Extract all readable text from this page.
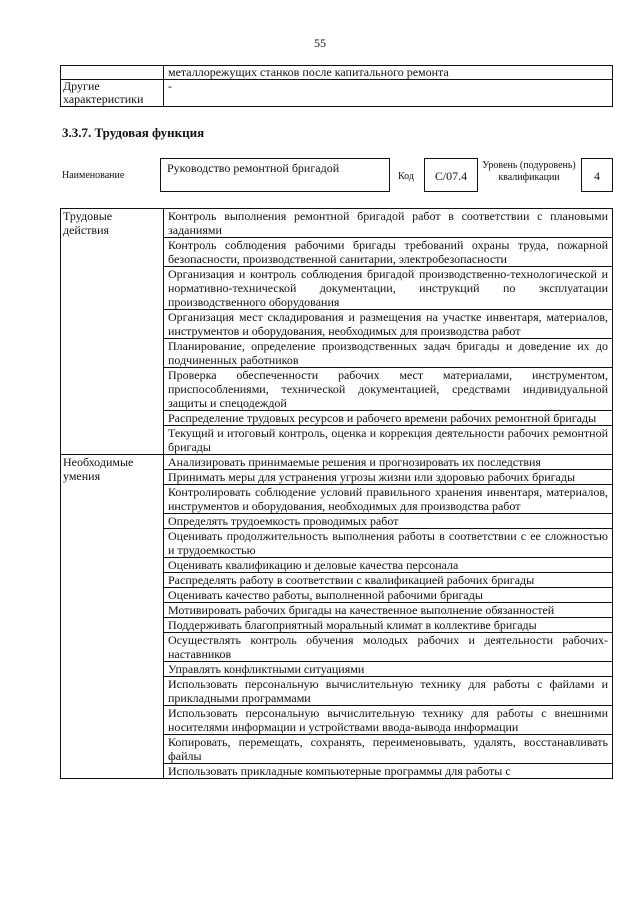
55
	металлорежущих станков после капитального ремонта
Другие характеристики	-
3.3.7. Трудовая функция
Наименование
Руководство ремонтной бригадой
Код	С/07.4
Уровень (подуровень) квалификации	4
Трудовые действия	Контроль выполнения ремонтной бригадой работ в соответствии с плановыми заданиями
	Контроль соблюдения рабочими бригады требований охраны труда, пожарной безопасности, производственной санитарии, электробезопасности
	Организация и контроль соблюдения бригадой производственно-технологической и нормативно-технической документации, инструкций по эксплуатации производственного оборудования
	Организация мест складирования и размещения на участке инвентаря, материалов, инструментов и оборудования, необходимых для производства работ
	Планирование, определение производственных задач бригады и доведение их до подчиненных работников
	Проверка обеспеченности рабочих мест материалами, инструментом, приспособлениями, технической документацией, средствами индивидуальной защиты и спецодеждой
	Распределение трудовых ресурсов и рабочего времени рабочих ремонтной бригады
	Текущий и итоговый контроль, оценка и коррекция деятельности рабочих ремонтной бригады
Необходимые умения	Анализировать принимаемые решения и прогнозировать их последствия
	Принимать меры для устранения угрозы жизни или здоровью рабочих бригады
	Контролировать соблюдение условий правильного хранения инвентаря, материалов, инструментов и оборудования, необходимых для производства работ
	Определять трудоемкость проводимых работ
	Оценивать продолжительность выполнения работы в соответствии с ее сложностью и трудоемкостью
	Оценивать квалификацию и деловые качества персонала
	Распределять работу в соответствии с квалификацией рабочих бригады
	Оценивать качество работы, выполненной рабочими бригады
	Мотивировать рабочих бригады на качественное выполнение обязанностей
	Поддерживать благоприятный моральный климат в коллективе бригады
	Осуществлять контроль обучения молодых рабочих и деятельности рабочих-наставников
	Управлять конфликтными ситуациями
	Использовать персональную вычислительную технику для работы с файлами и прикладными программами
	Использовать персональную вычислительную технику для работы с внешними носителями информации и устройствами ввода-вывода информации
	Копировать, перемещать, сохранять, переименовывать, удалять, восстанавливать файлы
	Использовать прикладные компьютерные программы для работы с
